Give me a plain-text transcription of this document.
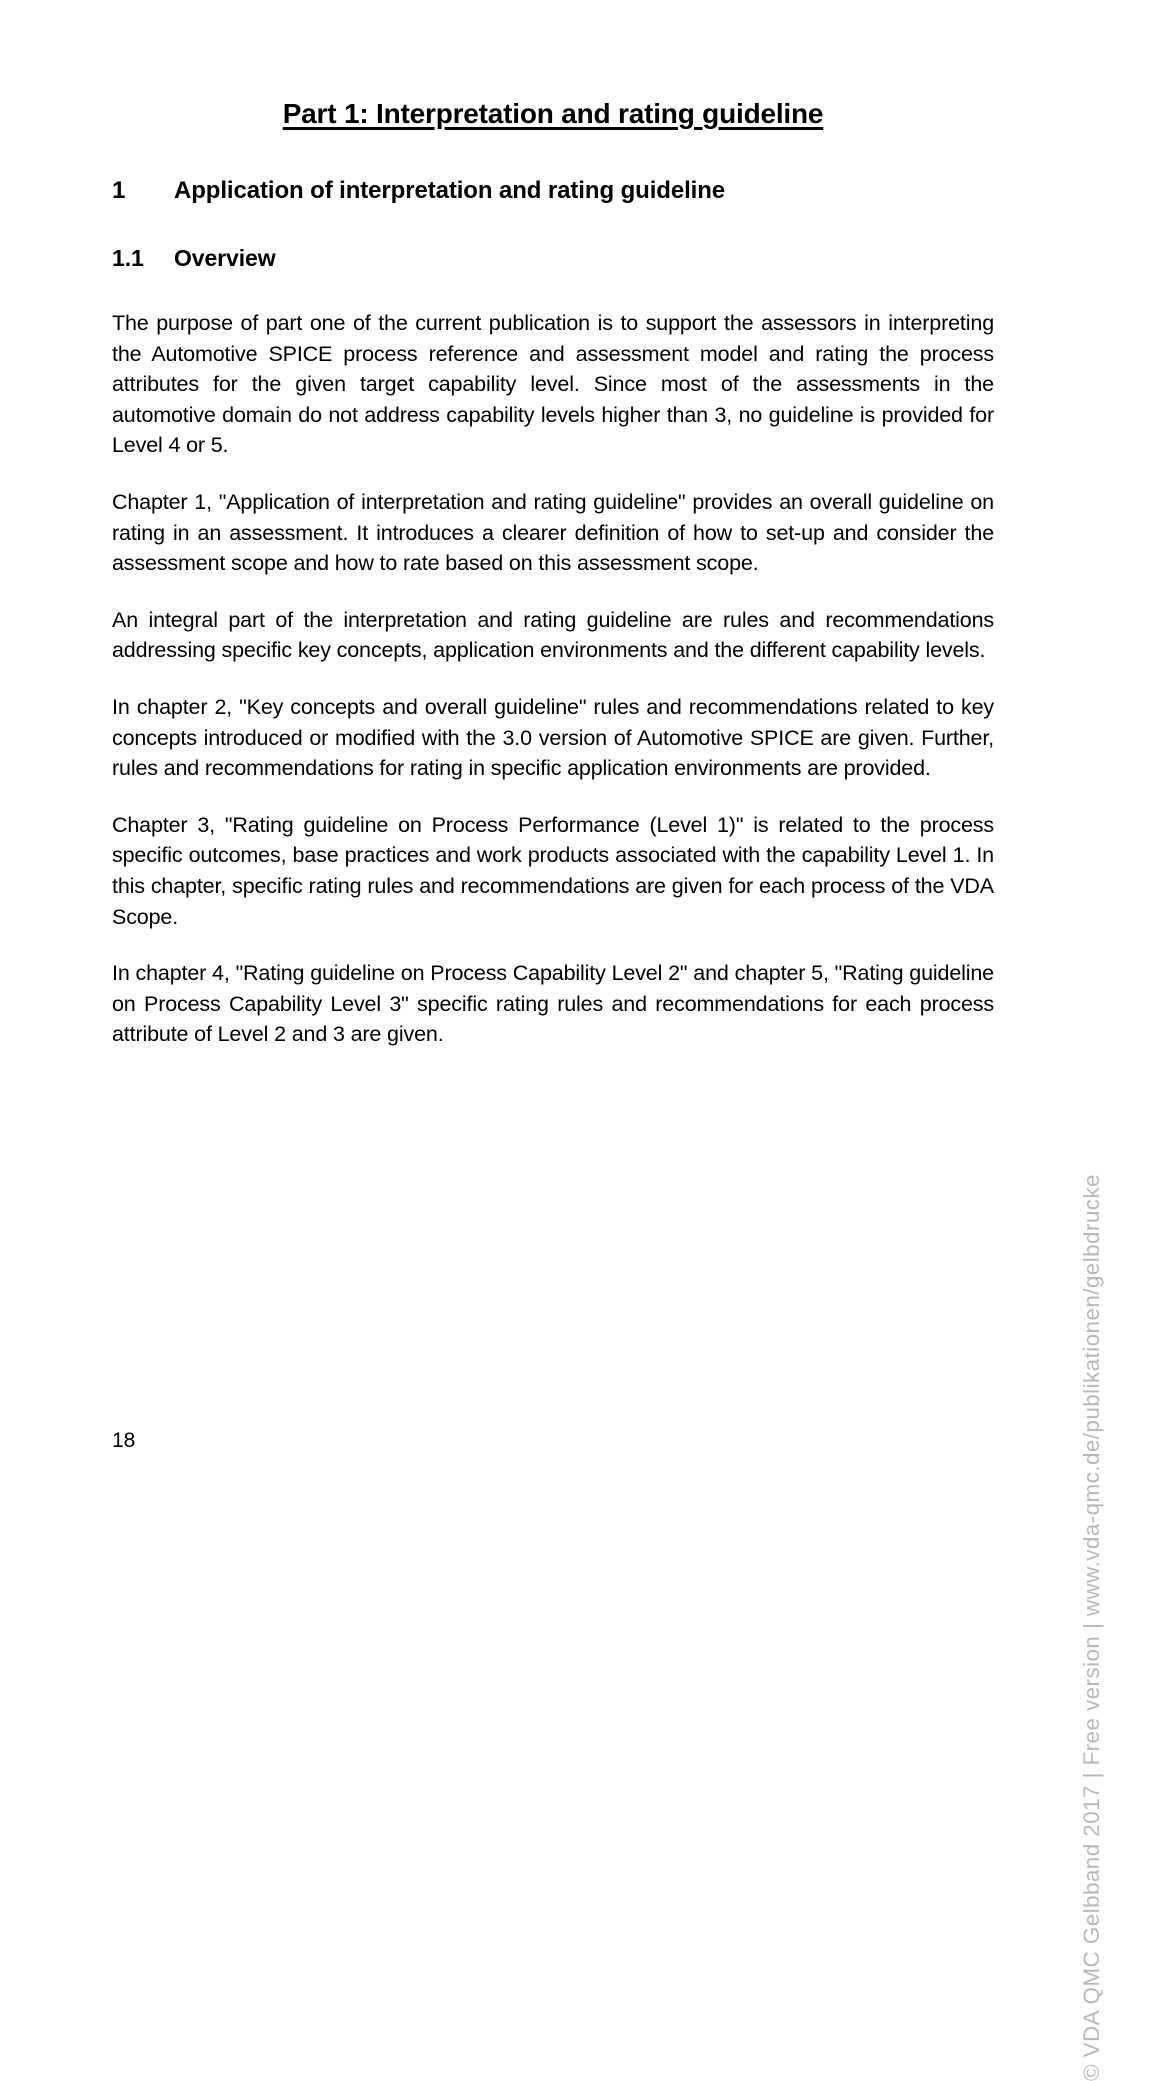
Part 1: Interpretation and rating guideline
1	Application of interpretation and rating guideline
1.1	Overview

The purpose of part one of the current publication is to support the assessors in interpreting the Automotive SPICE process reference and assessment model and rating the process attributes for the given target capability level. Since most of the assessments in the automotive domain do not address capability levels higher than 3, no guideline is provided for Level 4 or 5.

Chapter 1, "Application of interpretation and rating guideline" provides an overall guideline on rating in an assessment. It introduces a clearer definition of how to set-up and consider the assessment scope and how to rate based on this assessment scope.

An integral part of the interpretation and rating guideline are rules and recommendations addressing specific key concepts, application environments and the different capability levels.

In chapter 2, "Key concepts and overall guideline" rules and recommendations related to key concepts introduced or modified with the 3.0 version of Automotive SPICE are given. Further, rules and recommendations for rating in specific application environments are provided.

Chapter 3, "Rating guideline on Process Performance (Level 1)" is related to the process specific outcomes, base practices and work products associated with the capability Level 1. In this chapter, specific rating rules and recommendations are given for each process of the VDA Scope.

In chapter 4, "Rating guideline on Process Capability Level 2" and chapter 5, "Rating guideline on Process Capability Level 3" specific rating rules and recommendations for each process attribute of Level 2 and 3 are given.

18	© VDA QMC Gelbband 2017 | Free version | www.vda-qmc.de/publikationen/gelbdrucke
